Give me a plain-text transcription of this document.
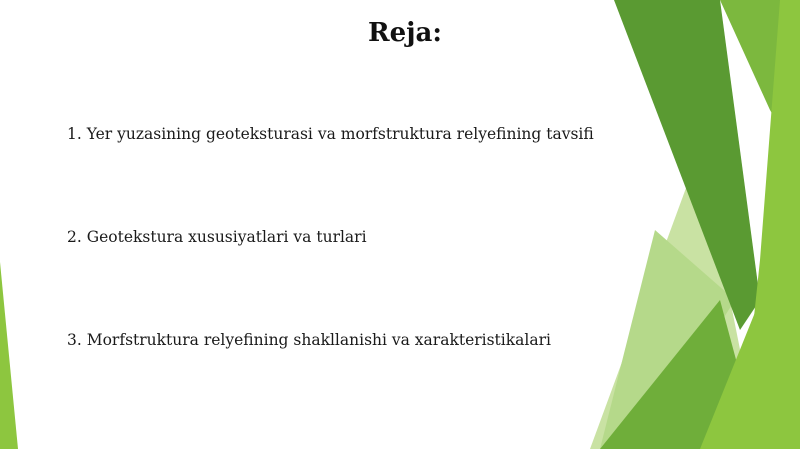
Reja:
1. Yer yuzasining geoteksturasi va morfstruktura relyefining tavsifi
2. Geotekstura xususiyatlari va turlari
3. Morfstruktura relyefining shakllanishi va xarakteristikalari
